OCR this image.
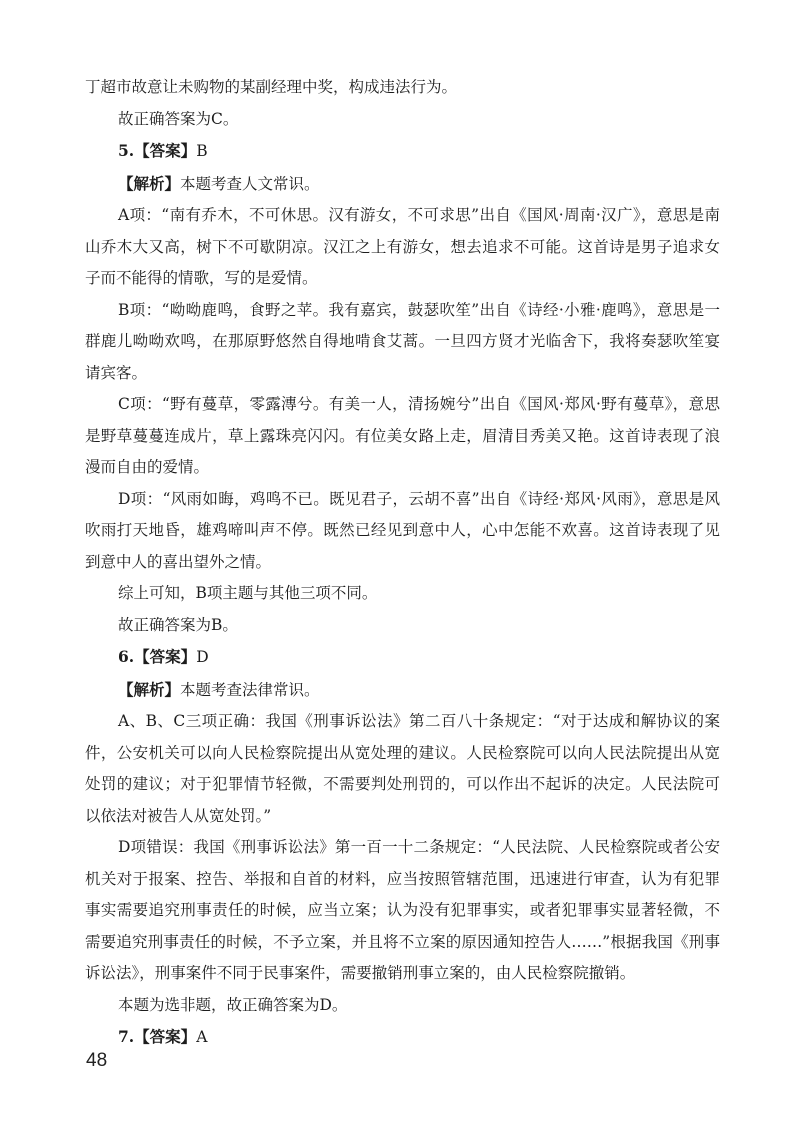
丁超市故意让未购物的某副经理中奖，构成违法行为。

故正确答案为C。

5.【答案】B

【解析】本题考查人文常识。

A项：“南有乔木，不可休思。汉有游女，不可求思”出自《国风·周南·汉广》，意思是南山乔木大又高，树下不可歇阴凉。汉江之上有游女，想去追求不可能。这首诗是男子追求女子而不能得的情歌，写的是爱情。

B项：“呦呦鹿鸣，食野之苹。我有嘉宾，鼓瑟吹笙”出自《诗经·小雅·鹿鸣》，意思是一群鹿儿呦呦欢鸣，在那原野悠然自得地啃食艾蒿。一旦四方贤才光临舍下，我将奏瑟吹笙宴请宾客。

C项：“野有蔓草，零露漙兮。有美一人，清扬婉兮”出自《国风·郑风·野有蔓草》，意思是野草蔓蔓连成片，草上露珠亮闪闪。有位美女路上走，眉清目秀美又艳。这首诗表现了浪漫而自由的爱情。

D项：“风雨如晦，鸡鸣不已。既见君子，云胡不喜”出自《诗经·郑风·风雨》，意思是风吹雨打天地昏，雄鸡啼叫声不停。既然已经见到意中人，心中怎能不欢喜。这首诗表现了见到意中人的喜出望外之情。

综上可知，B项主题与其他三项不同。

故正确答案为B。

6.【答案】D

【解析】本题考查法律常识。

A、B、C三项正确：我国《刑事诉讼法》第二百八十条规定：“对于达成和解协议的案件，公安机关可以向人民检察院提出从宽处理的建议。人民检察院可以向人民法院提出从宽处罚的建议；对于犯罪情节轻微，不需要判处刑罚的，可以作出不起诉的决定。人民法院可以依法对被告人从宽处罚。”

D项错误：我国《刑事诉讼法》第一百一十二条规定：“人民法院、人民检察院或者公安机关对于报案、控告、举报和自首的材料，应当按照管辖范围，迅速进行审查，认为有犯罪事实需要追究刑事责任的时候，应当立案；认为没有犯罪事实，或者犯罪事实显著轻微，不需要追究刑事责任的时候，不予立案，并且将不立案的原因通知控告人……”根据我国《刑事诉讼法》，刑事案件不同于民事案件，需要撤销刑事立案的，由人民检察院撤销。

本题为选非题，故正确答案为D。

7.【答案】A

48
